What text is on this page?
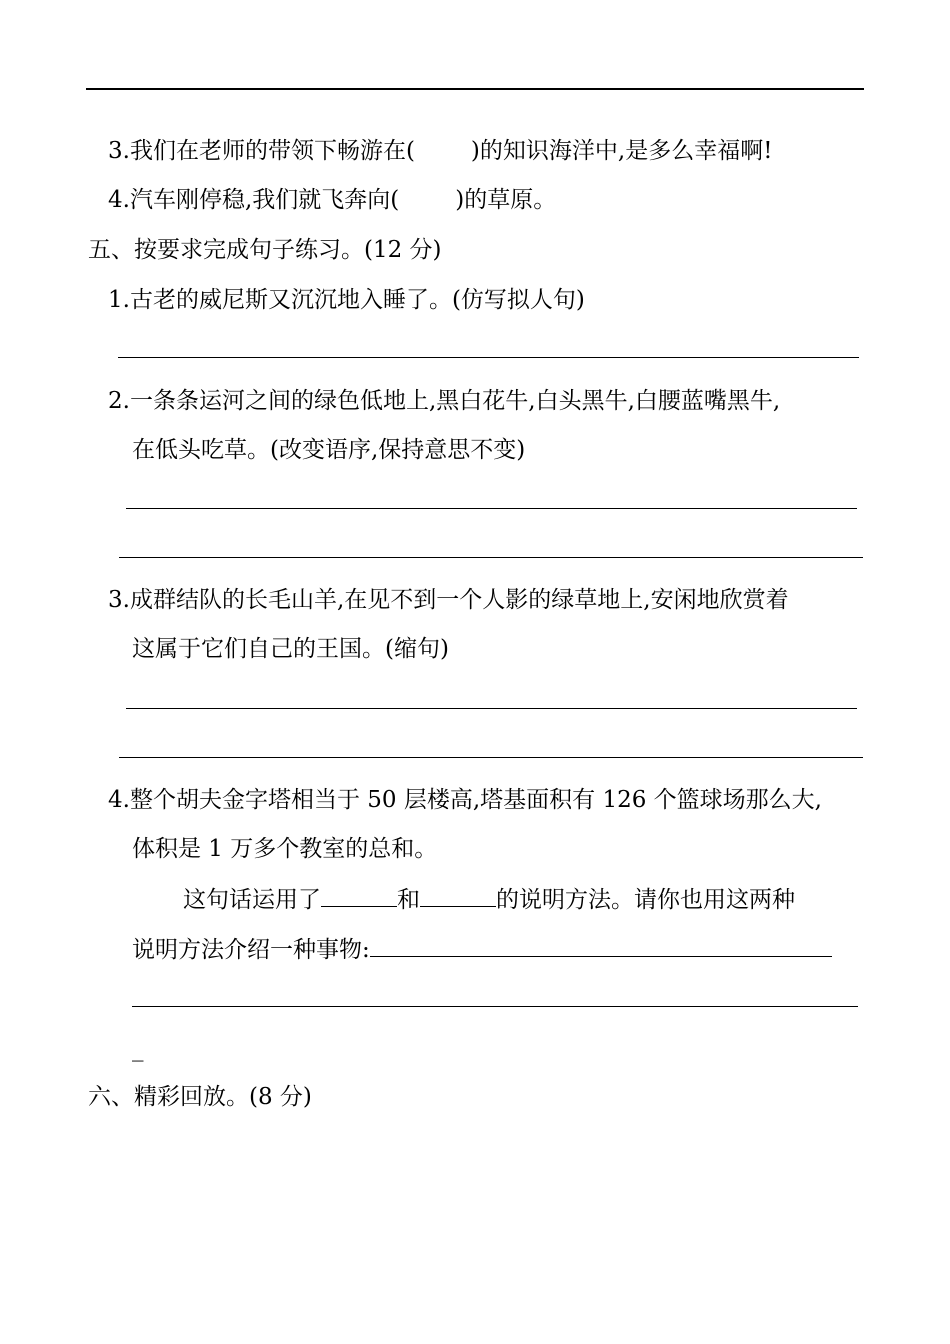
3.我们在老师的带领下畅游在( )的知识海洋中,是多么幸福啊!
4.汽车刚停稳,我们就飞奔向( )的草原。
五、按要求完成句子练习。(12 分)
1.古老的威尼斯又沉沉地入睡了。(仿写拟人句)
2.一条条运河之间的绿色低地上,黑白花牛,白头黑牛,白腰蓝嘴黑牛,
在低头吃草。(改变语序,保持意思不变)
3.成群结队的长毛山羊,在见不到一个人影的绿草地上,安闲地欣赏着
这属于它们自己的王国。(缩句)
4.整个胡夫金字塔相当于 50 层楼高,塔基面积有 126 个篮球场那么大,
体积是 1 万多个教室的总和。
这句话运用了	和	的说明方法。请你也用这两种
说明方法介绍一种事物:
_
六、精彩回放。(8 分)
